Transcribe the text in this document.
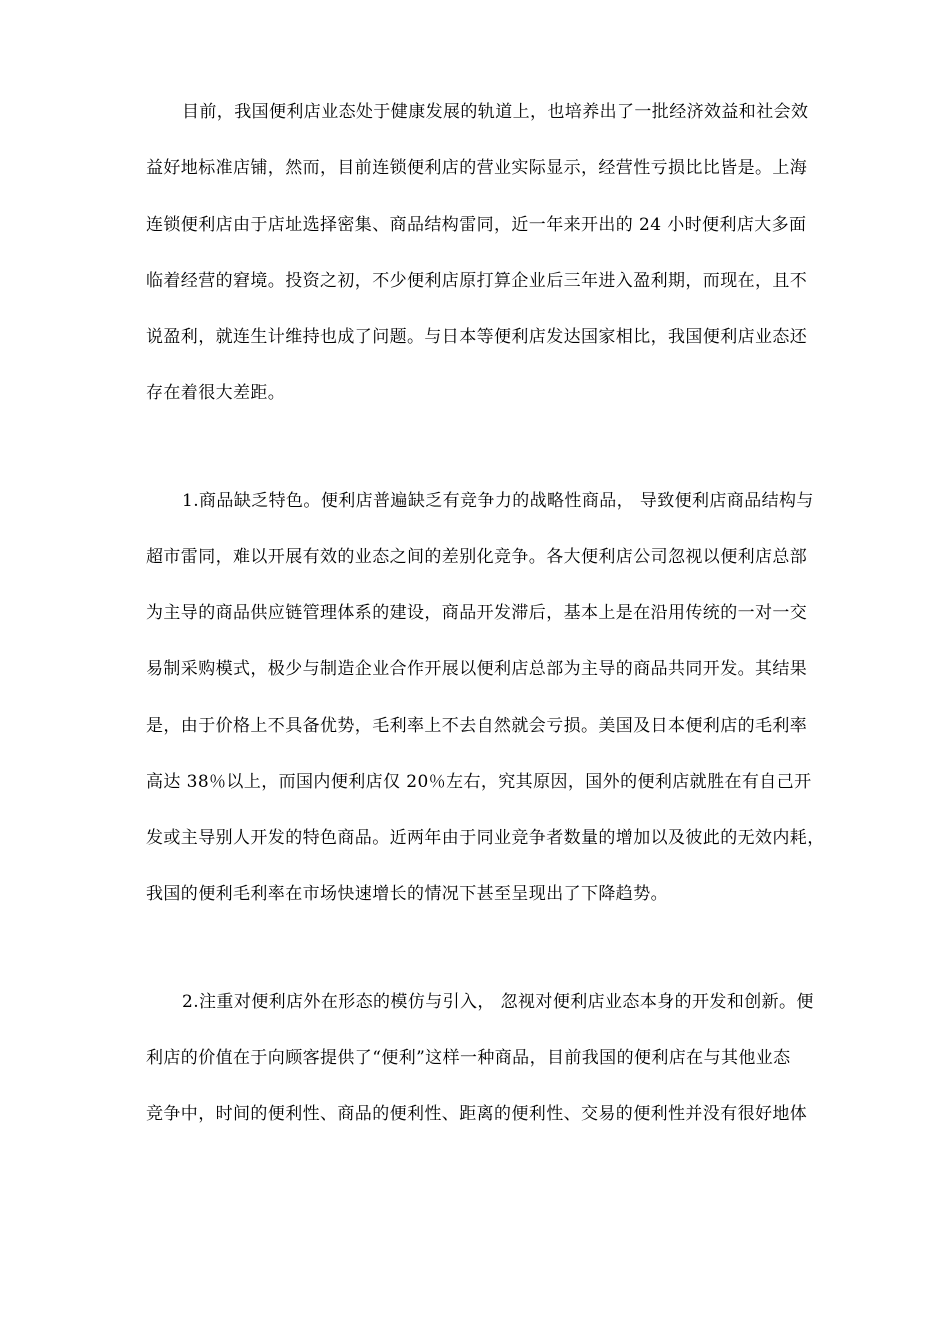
目前，我国便利店业态处于健康发展的轨道上，也培养出了一批经济效益和社会效
益好地标准店铺，然而，目前连锁便利店的营业实际显示，经营性亏损比比皆是。上海
连锁便利店由于店址选择密集、商品结构雷同，近一年来开出的 24 小时便利店大多面
临着经营的窘境。投资之初，不少便利店原打算企业后三年进入盈利期，而现在，且不
说盈利，就连生计维持也成了问题。与日本等便利店发达国家相比，我国便利店业态还
存在着很大差距。
1.商品缺乏特色。便利店普遍缺乏有竞争力的战略性商品， 导致便利店商品结构与
超市雷同，难以开展有效的业态之间的差别化竞争。各大便利店公司忽视以便利店总部
为主导的商品供应链管理体系的建设，商品开发滞后，基本上是在沿用传统的一对一交
易制采购模式，极少与制造企业合作开展以便利店总部为主导的商品共同开发。其结果
是，由于价格上不具备优势，毛利率上不去自然就会亏损。美国及日本便利店的毛利率
高达 38％以上，而国内便利店仅 20％左右，究其原因，国外的便利店就胜在有自己开
发或主导别人开发的特色商品。近两年由于同业竞争者数量的增加以及彼此的无效内耗，
我国的便利毛利率在市场快速增长的情况下甚至呈现出了下降趋势。
2.注重对便利店外在形态的模仿与引入， 忽视对便利店业态本身的开发和创新。便
利店的价值在于向顾客提供了“便利”这样一种商品，目前我国的便利店在与其他业态
竞争中，时间的便利性、商品的便利性、距离的便利性、交易的便利性并没有很好地体
